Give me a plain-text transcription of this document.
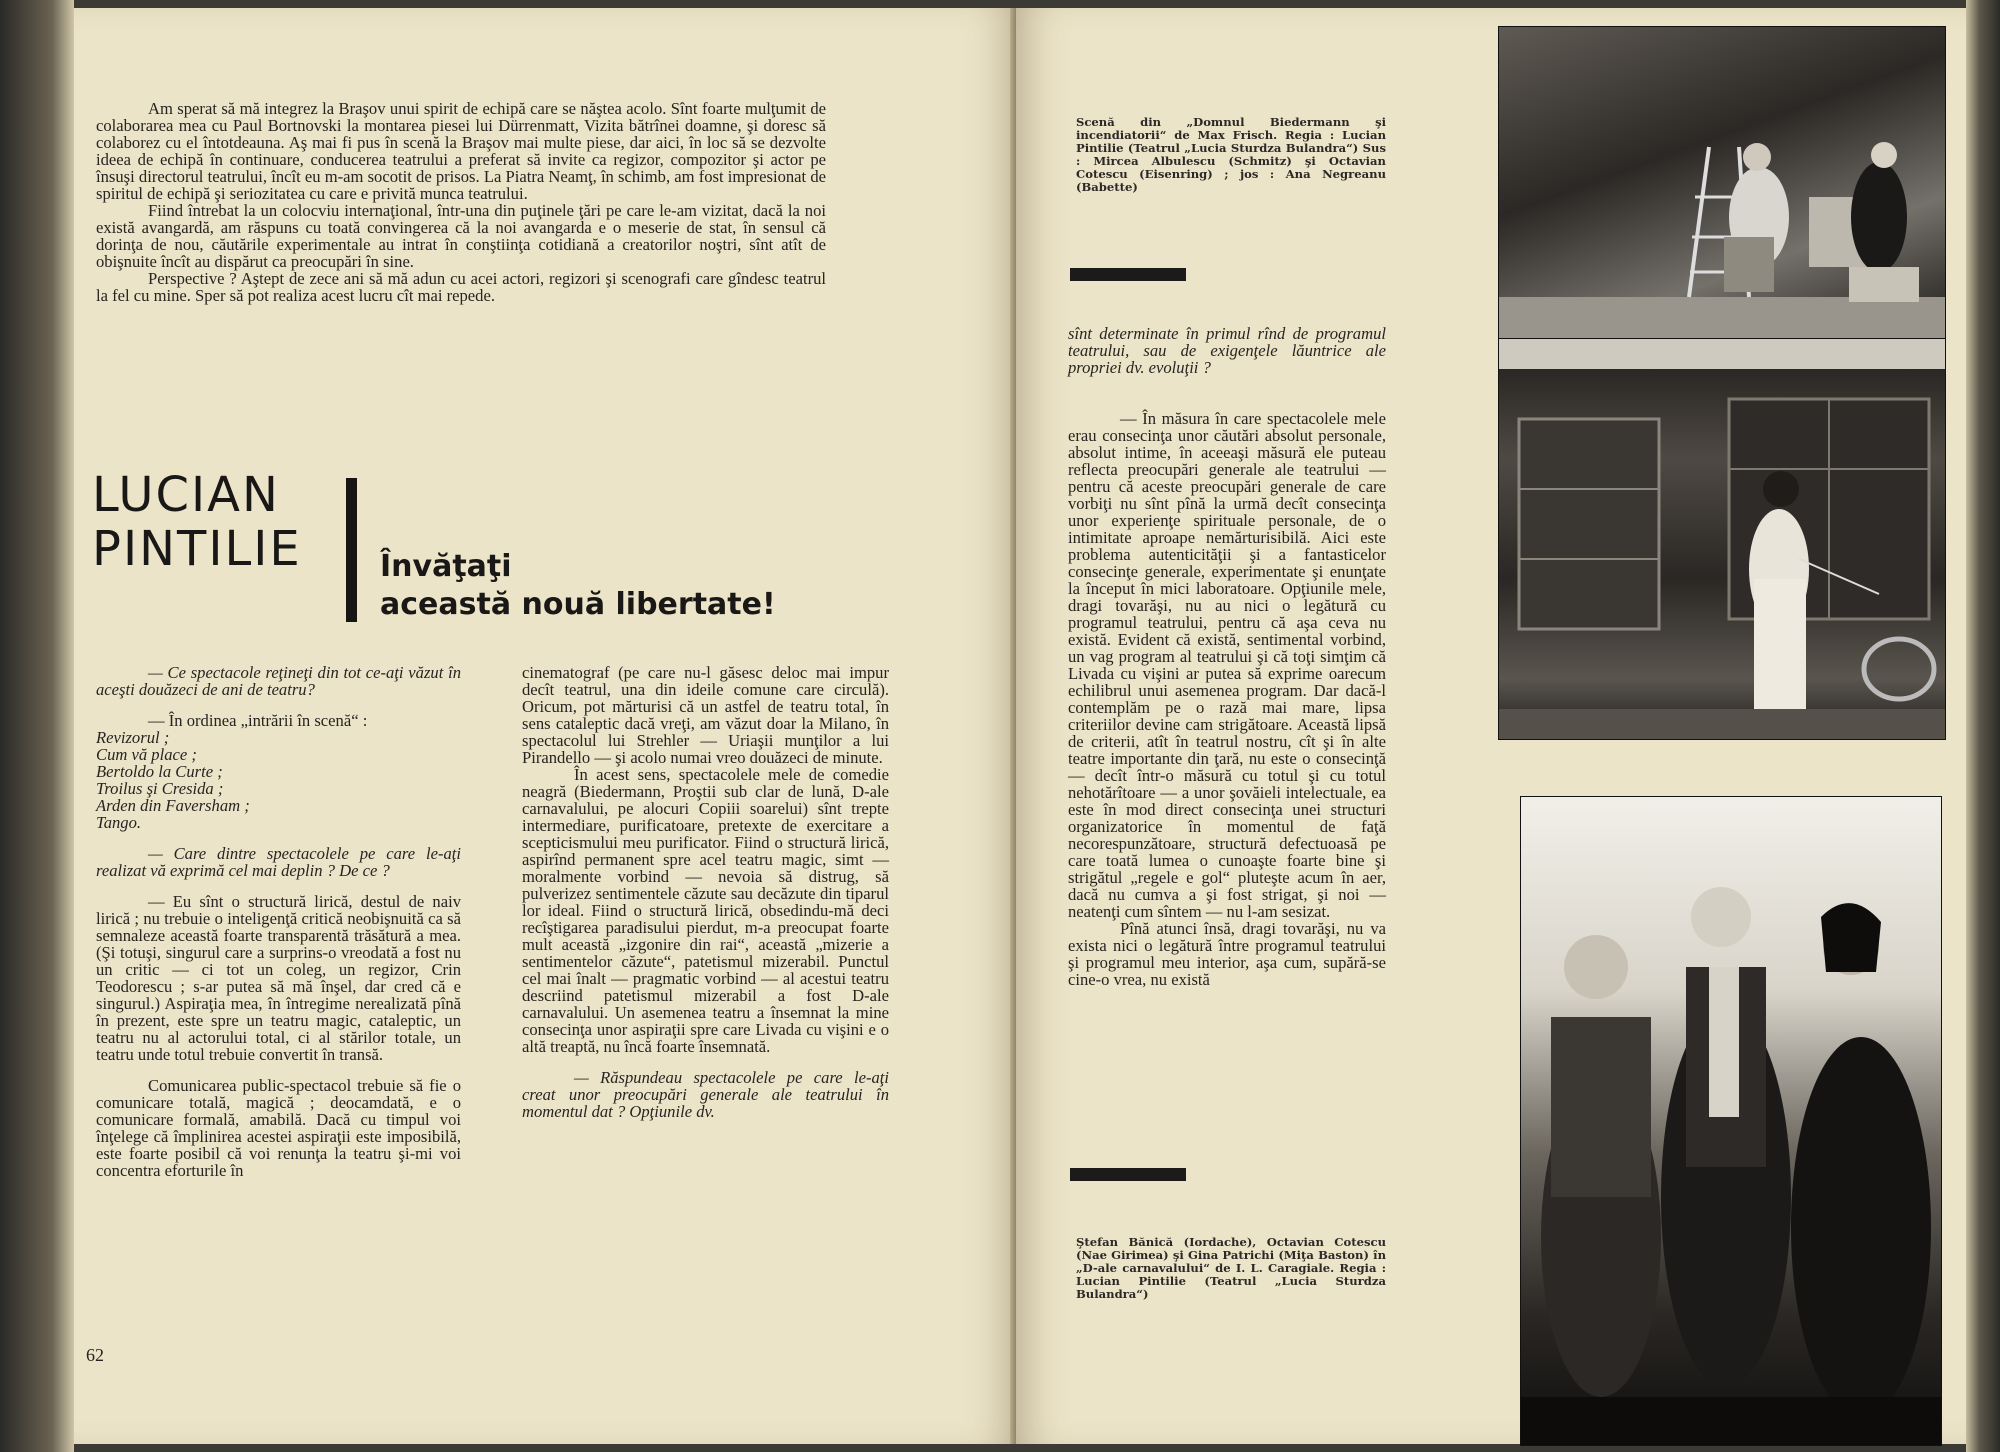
Am sperat să mă integrez la Braşov unui spirit de echipă care se năştea acolo. Sînt foarte mulţumit de colaborarea mea cu Paul Bortnovski la montarea piesei lui Dürrenmatt, Vizita bătrînei doamne, şi doresc să colaborez cu el întotdeauna. Aş mai fi pus în scenă la Braşov mai multe piese, dar aici, în loc să se dezvolte ideea de echipă în continuare, conducerea teatrului a preferat să invite ca regizor, compozitor şi actor pe însuşi directorul teatrului, încît eu m-am socotit de prisos. La Piatra Neamţ, în schimb, am fost impresionat de spiritul de echipă şi seriozitatea cu care e privită munca teatrului.

Fiind întrebat la un colocviu internaţional, într-una din puţinele ţări pe care le-am vizitat, dacă la noi există avangardă, am răspuns cu toată convingerea că la noi avangarda e o meserie de stat, în sensul că dorinţa de nou, căutările experimentale au intrat în conştiinţa cotidiană a creatorilor noştri, sînt atît de obişnuite încît au dispărut ca preocupări în sine.

Perspective ? Aştept de zece ani să mă adun cu acei actori, regizori şi scenografi care gîndesc teatrul la fel cu mine. Sper să pot realiza acest lucru cît mai repede.

LUCIAN
PINTILIE	Învăţaţi
această nouă libertate!

— Ce spectacole reţineţi din tot ce-aţi văzut în aceşti douăzeci de ani de teatru?

— În ordinea „intrării în scenă“ :

Revizorul ;

Cum vă place ;

Bertoldo la Curte ;

Troilus şi Cresida ;

Arden din Faversham ;

Tango.

— Care dintre spectacolele pe care le-aţi realizat vă exprimă cel mai deplin ? De ce ?

— Eu sînt o structură lirică, destul de naiv lirică ; nu trebuie o inteligenţă critică neobişnuită ca să semnaleze această foarte transparentă trăsătură a mea. (Şi totuşi, singurul care a surprins-o vreodată a fost nu un critic — ci tot un coleg, un regizor, Crin Teodorescu ; s-ar putea să mă înşel, dar cred că e singurul.) Aspiraţia mea, în întregime nerealizată pînă în prezent, este spre un teatru magic, cataleptic, un teatru nu al actorului total, ci al stărilor totale, un teatru unde totul trebuie convertit în transă.

Comunicarea public-spectacol trebuie să fie o comunicare totală, magică ; deocamdată, e o comunicare formală, amabilă. Dacă cu timpul voi înţelege că împlinirea acestei aspiraţii este imposibilă, este foarte posibil că voi renunţa la teatru şi-mi voi concentra eforturile în

cinematograf (pe care nu-l găsesc deloc mai impur decît teatrul, una din ideile comune care circulă). Oricum, pot mărturisi că un astfel de teatru total, în sens cataleptic dacă vreţi, am văzut doar la Milano, în spectacolul lui Strehler — Uriaşii munţilor a lui Pirandello — şi acolo numai vreo douăzeci de minute.

În acest sens, spectacolele mele de comedie neagră (Biedermann, Proştii sub clar de lună, D-ale carnavalului, pe alocuri Copiii soarelui) sînt trepte intermediare, purificatoare, pretexte de exercitare a scepticismului meu purificator. Fiind o structură lirică, aspirînd permanent spre acel teatru magic, simt — moralmente vorbind — nevoia să distrug, să pulverizez sentimentele căzute sau decăzute din tiparul lor ideal. Fiind o structură lirică, obsedindu-mă deci recîştigarea paradisului pierdut, m-a preocupat foarte mult această „izgonire din rai“, această „mizerie a sentimentelor căzute“, patetismul mizerabil. Punctul cel mai înalt — pragmatic vorbind — al acestui teatru descriind patetismul mizerabil a fost D-ale carnavalului. Un asemenea teatru a însemnat la mine consecinţa unor aspiraţii spre care Livada cu vişini e o altă treaptă, nu încă foarte însemnată.

— Răspundeau spectacolele pe care le-aţi creat unor preocupări generale ale teatrului în momentul dat ? Opţiunile dv.

62
Scenă din „Domnul Biedermann şi incendiatorii“ de Max Frisch. Regia : Lucian Pintilie (Teatrul „Lucia Sturdza Bulandra“) Sus : Mircea Albulescu (Schmitz) şi Octavian Cotescu (Eisenring) ; jos : Ana Negreanu (Babette)

sînt determinate în primul rînd de programul teatrului, sau de exigenţele lăuntrice ale propriei dv. evoluţii ?

— În măsura în care spectacolele mele erau consecinţa unor căutări absolut personale, absolut intime, în aceeaşi măsură ele puteau reflecta preocupări generale ale teatrului — pentru că aceste preocupări generale de care vorbiţi nu sînt pînă la urmă decît consecinţa unor experienţe spirituale personale, de o intimitate aproape nemărturisibilă. Aici este problema autenticităţii şi a fantasticelor consecinţe generale, experimentate şi enunţate la început în mici laboratoare. Opţiunile mele, dragi tovarăşi, nu au nici o legătură cu programul teatrului, pentru că aşa ceva nu există. Evident că există, sentimental vorbind, un vag program al teatrului şi că toţi simţim că Livada cu vişini ar putea să exprime oarecum echilibrul unui asemenea program. Dar dacă-l contemplăm pe o rază mai mare, lipsa criteriilor devine cam strigătoare. Această lipsă de criterii, atît în teatrul nostru, cît şi în alte teatre importante din ţară, nu este o consecinţă — decît într-o măsură cu totul şi cu totul nehotărîtoare — a unor şovăieli intelectuale, ea este în mod direct consecinţa unei structuri organizatorice în momentul de faţă necorespunzătoare, structură defectuoasă pe care toată lumea o cunoaşte foarte bine şi strigătul „regele e gol“ pluteşte acum în aer, dacă nu cumva a şi fost strigat, şi noi — neatenţi cum sîntem — nu l-am sesizat.

Pînă atunci însă, dragi tovarăşi, nu va exista nici o legătură între programul teatrului şi programul meu interior, aşa cum, supără-se cine-o vrea, nu există

Ştefan Bănică (Iordache), Octavian Cotescu (Nae Girimea) şi Gina Patrichi (Miţa Baston) în „D-ale carnavalului“ de I. L. Caragiale. Regia : Lucian Pintilie (Teatrul „Lucia Sturdza Bulandra“)
